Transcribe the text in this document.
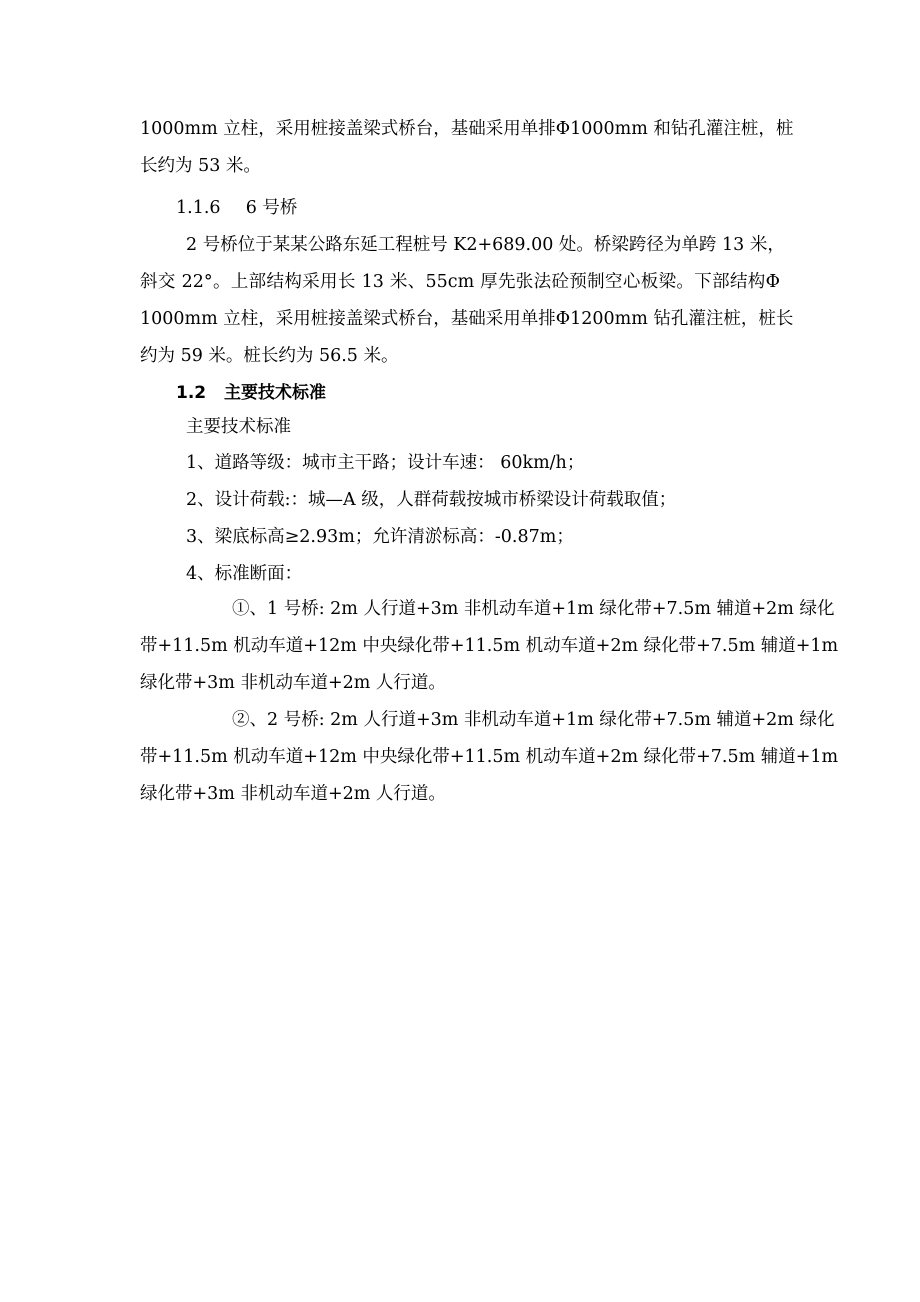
1000mm 立柱，采用桩接盖梁式桥台，基础采用单排Φ1000mm 和钻孔灌注桩，桩
长约为 53 米。
1.1.6 6 号桥
2 号桥位于某某公路东延工程桩号 K2+689.00 处。桥梁跨径为单跨 13 米，
斜交 22°。上部结构采用长 13 米、55cm 厚先张法砼预制空心板梁。下部结构Φ
1000mm 立柱，采用桩接盖梁式桥台，基础采用单排Φ1200mm 钻孔灌注桩，桩长
约为 59 米。桩长约为 56.5 米。
1.2 主要技术标准
主要技术标准
1、道路等级：城市主干路；设计车速： 60km/h；
2、设计荷载:：城—A 级，人群荷载按城市桥梁设计荷载取值；
3、梁底标高≥2.93m；允许清淤标高：-0.87m；
4、标准断面：
①、1 号桥: 2m 人行道+3m 非机动车道+1m 绿化带+7.5m 辅道+2m 绿化
带+11.5m 机动车道+12m 中央绿化带+11.5m 机动车道+2m 绿化带+7.5m 辅道+1m
绿化带+3m 非机动车道+2m 人行道。
②、2 号桥: 2m 人行道+3m 非机动车道+1m 绿化带+7.5m 辅道+2m 绿化
带+11.5m 机动车道+12m 中央绿化带+11.5m 机动车道+2m 绿化带+7.5m 辅道+1m
绿化带+3m 非机动车道+2m 人行道。
